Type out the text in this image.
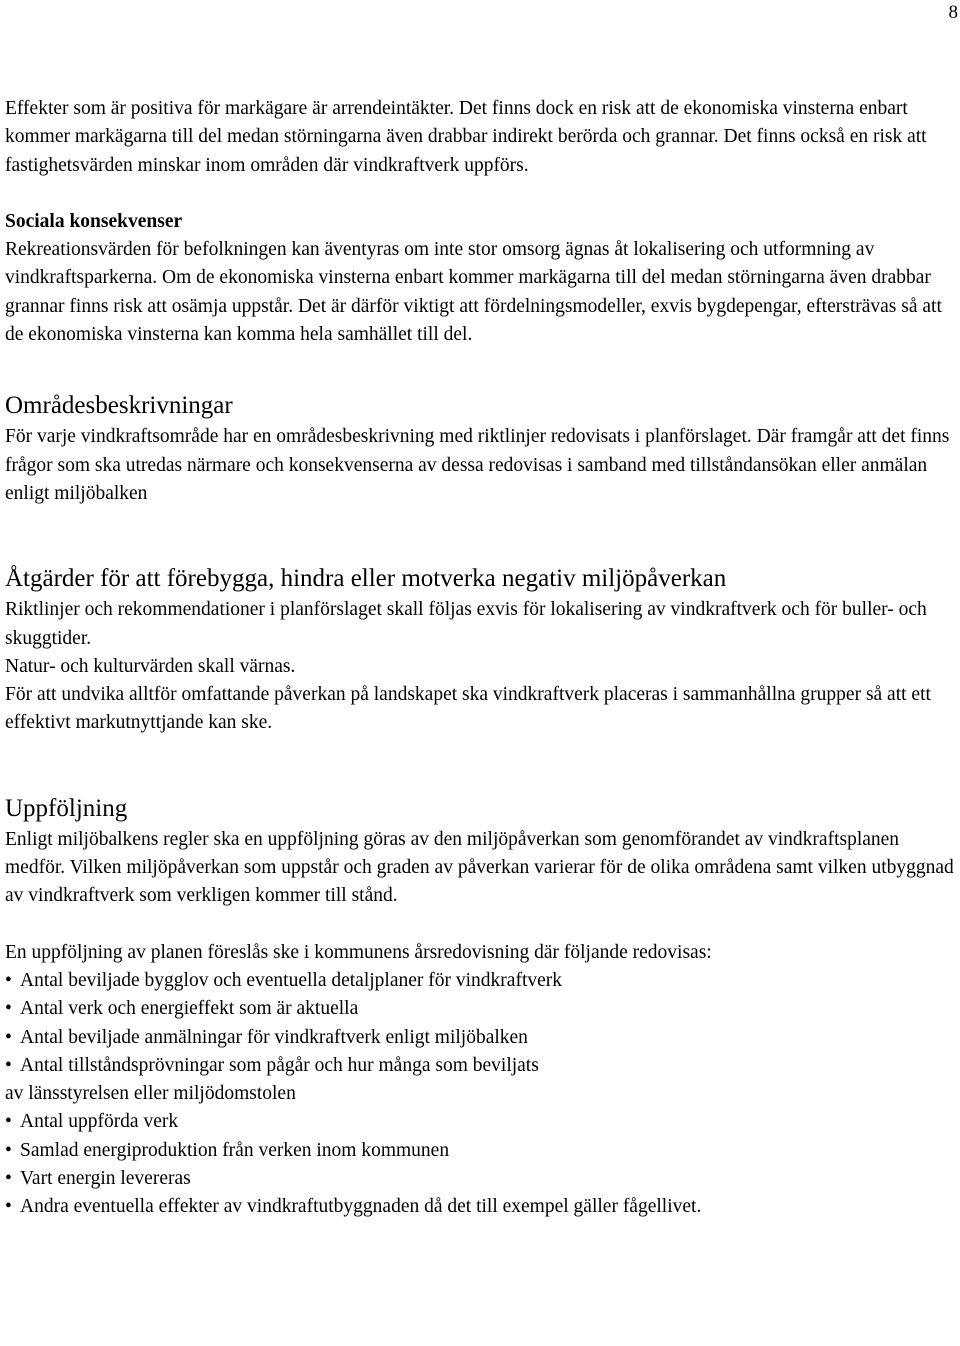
8

Effekter som är positiva för markägare är arrendeintäkter. Det finns dock en risk att de ekonomiska vinsterna enbart kommer markägarna till del medan störningarna även drabbar indirekt berörda och grannar. Det finns också en risk att fastighetsvärden minskar inom områden där vindkraftverk uppförs.

Sociala konsekvenser

Rekreationsvärden för befolkningen kan äventyras om inte stor omsorg ägnas åt lokalisering och utformning av vindkraftsparkerna. Om de ekonomiska vinsterna enbart kommer markägarna till del medan störningarna även drabbar grannar finns risk att osämja uppstår. Det är därför viktigt att fördelningsmodeller, exvis bygdepengar, eftersträvas så att de ekonomiska vinsterna kan komma hela samhället till del.

Områdesbeskrivningar

För varje vindkraftsområde har en områdesbeskrivning med riktlinjer redovisats i planförslaget. Där framgår att det finns frågor som ska utredas närmare och konsekvenserna av dessa redovisas i samband med tillståndansökan eller anmälan enligt miljöbalken

Åtgärder för att förebygga, hindra eller motverka negativ miljöpåverkan

Riktlinjer och rekommendationer i planförslaget skall följas exvis för lokalisering av vindkraftverk och för buller- och skuggtider.

Natur- och kulturvärden skall värnas.

För att undvika alltför omfattande påverkan på landskapet ska vindkraftverk placeras i sammanhållna grupper så att ett effektivt markutnyttjande kan ske.

Uppföljning

Enligt miljöbalkens regler ska en uppföljning göras av den miljöpåverkan som genomförandet av vindkraftsplanen medför. Vilken miljöpåverkan som uppstår och graden av påverkan varierar för de olika områdena samt vilken utbyggnad av vindkraftverk som verkligen kommer till stånd.

En uppföljning av planen föreslås ske i kommunens årsredovisning där följande redovisas:

• Antal beviljade bygglov och eventuella detaljplaner för vindkraftverk
• Antal verk och energieffekt som är aktuella
• Antal beviljade anmälningar för vindkraftverk enligt miljöbalken
• Antal tillståndsprövningar som pågår och hur många som beviljats

av länsstyrelsen eller miljödomstolen

• Antal uppförda verk
• Samlad energiproduktion från verken inom kommunen
• Vart energin levereras
• Andra eventuella effekter av vindkraftutbyggnaden då det till exempel gäller fågellivet.
